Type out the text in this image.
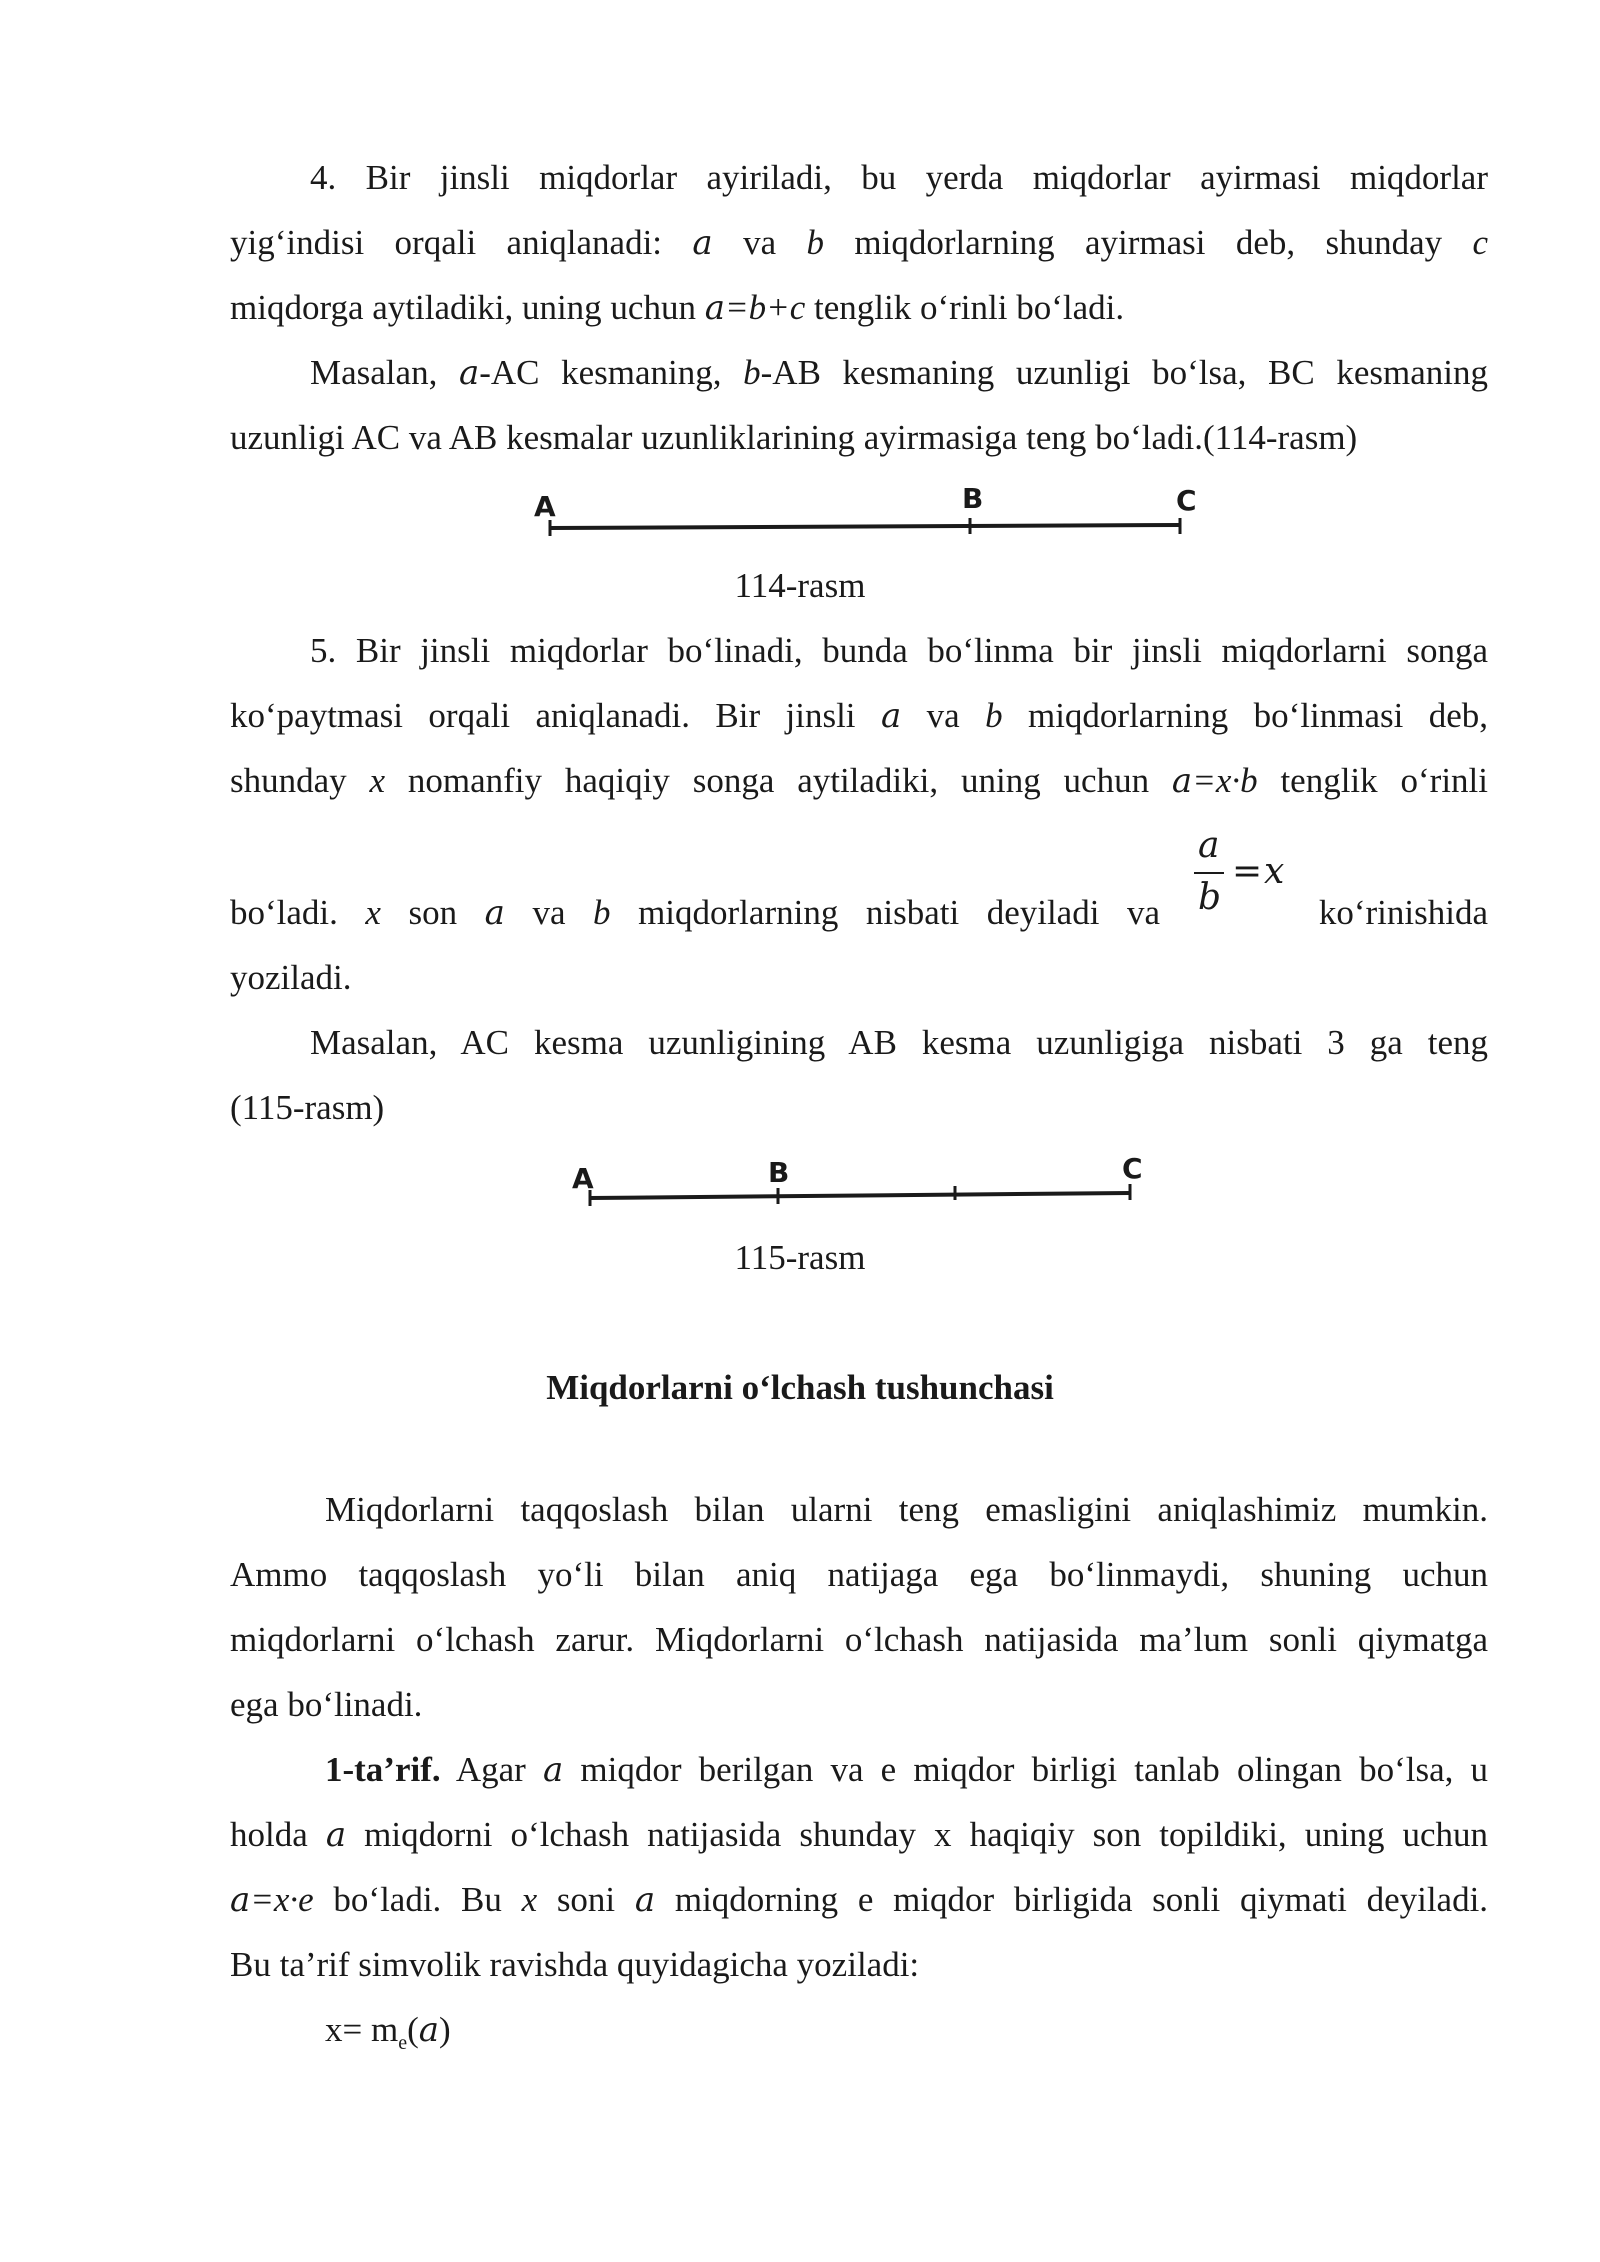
4. Bir jinsli miqdorlar ayiriladi, bu yerda miqdorlar ayirmasi miqdorlar
yig‘indisi orqali aniqlanadi: a va b miqdorlarning ayirmasi deb, shunday c
miqdorga aytiladiki, uning uchun a=b+c tenglik o‘rinli bo‘ladi.
Masalan, a-AC kesmaning, b-AB kesmaning uzunligi bo‘lsa, BC kesmaning
uzunligi AC va AB kesmalar uzunliklarining ayirmasiga teng bo‘ladi.(114-rasm)
A	B	C
114-rasm
5. Bir jinsli miqdorlar bo‘linadi, bunda bo‘linma bir jinsli miqdorlarni songa
ko‘paytmasi orqali aniqlanadi. Bir jinsli a va b miqdorlarning bo‘linmasi deb,
shunday x nomanfiy haqiqiy songa aytiladiki, uning uchun a=x·b tenglik o‘rinli
bo‘ladi. x son a va b miqdorlarning nisbati deyiladi va
a
b
= x
ko‘rinishida
yoziladi.
Masalan, AC kesma uzunligining AB kesma uzunligiga nisbati 3 ga teng
(115-rasm)
A	B	C
115-rasm
Miqdorlarni o‘lchash tushunchasi
Miqdorlarni taqqoslash bilan ularni teng emasligini aniqlashimiz mumkin.
Ammo taqqoslash yo‘li bilan aniq natijaga ega bo‘linmaydi, shuning uchun
miqdorlarni o‘lchash zarur. Miqdorlarni o‘lchash natijasida ma’lum sonli qiymatga
ega bo‘linadi.
1-ta’rif. Agar a miqdor berilgan va e miqdor birligi tanlab olingan bo‘lsa, u
holda a miqdorni o‘lchash natijasida shunday x haqiqiy son topildiki, uning uchun
a=x·e bo‘ladi. Bu x soni a miqdorning e miqdor birligida sonli qiymati deyiladi.
Bu ta’rif simvolik ravishda quyidagicha yoziladi:
$x= m_e(a)$
